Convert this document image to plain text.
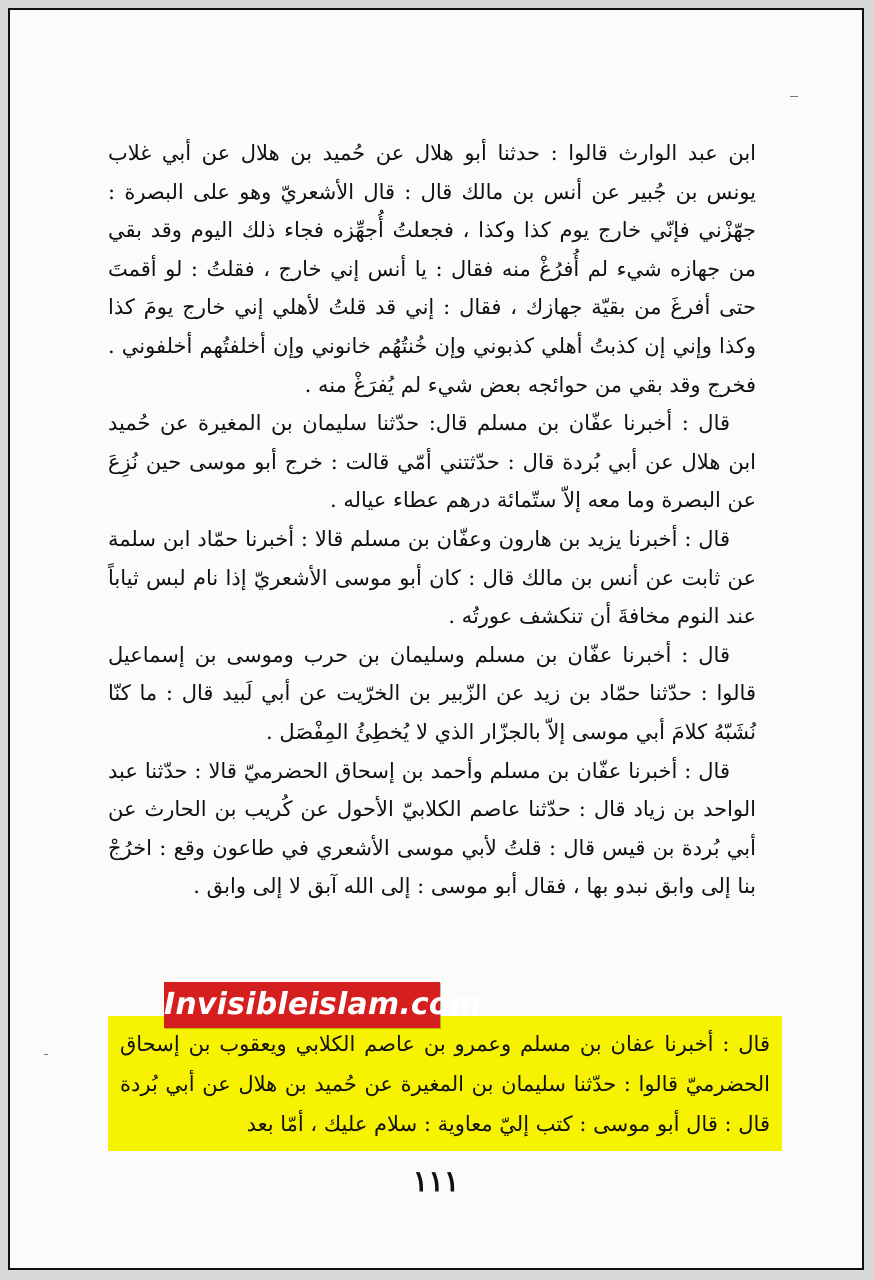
ابن عبد الوارث قالوا : حدثنا أبو هلال عن حُميد بن هلال عن أبي غلاب يونس بن جُبير عن أنس بن مالك قال : قال الأشعريّ وهو على البصرة : جهّزْني فإنّي خارج يوم كذا وكذا ، فجعلتُ أُجهِّزه فجاء ذلك اليوم وقد بقي من جهازه شيء لم أُفرُغْ منه فقال : يا أنس إني خارج ، فقلتُ : لو أقمتَ حتى أفرغَ من بقيّة جهازك ، فقال : إني قد قلتُ لأهلي إني خارج يومَ كذا وكذا وإني إن كذبتُ أهلي كذبوني وإن خُنتُهُم خانوني وإن أخلفتُهم أخلفوني . فخرج وقد بقي من حوائجه بعض شيء لم يُفرَغْ منه .

قال : أخبرنا عفّان بن مسلم قال: حدّثنا سليمان بن المغيرة عن حُميد ابن هلال عن أبي بُردة قال : حدّثتني أمّي قالت : خرج أبو موسى حين نُزِعَ عن البصرة وما معه إلاّ ستّمائة درهم عطاء عياله .

قال : أخبرنا يزيد بن هارون وعفّان بن مسلم قالا : أخبرنا حمّاد ابن سلمة عن ثابت عن أنس بن مالك قال : كان أبو موسى الأشعريّ إذا نام لبس ثياباً عند النوم مخافةَ أن تنكشف عورتُه .

قال : أخبرنا عفّان بن مسلم وسليمان بن حرب وموسى بن إسماعيل قالوا : حدّثنا حمّاد بن زيد عن الزّبير بن الخرّيت عن أبي لَبيد قال : ما كنّا نُشَبّهُ كلامَ أبي موسى إلاّ بالجزّار الذي لا يُخطِئُ المِفْصَل .

قال : أخبرنا عفّان بن مسلم وأحمد بن إسحاق الحضرميّ قالا : حدّثنا عبد الواحد بن زياد قال : حدّثنا عاصم الكلابيّ الأحول عن كُريب بن الحارث عن أبي بُردة بن قيس قال : قلتُ لأبي موسى الأشعري في طاعون وقع : اخرُجْ بنا إلى وابق نبدو بها ، فقال أبو موسى : إلى الله آبق لا إلى وابق .

قال : أخبرنا عفان بن مسلم وعمرو بن عاصم الكلابي ويعقوب بن إسحاق الحضرميّ قالوا : حدّثنا سليمان بن المغيرة عن حُميد بن هلال عن أبي بُردة قال : قال أبو موسى : كتب إليّ معاوية : سلام عليك ، أمّا بعد
Invisibleislam.com
١١١
